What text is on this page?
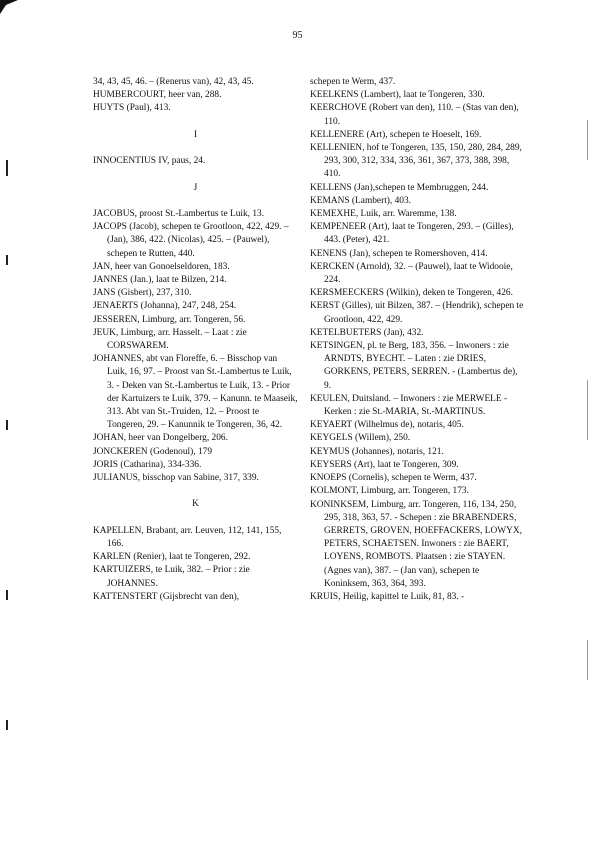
95

34, 43, 45, 46. – (Renerus van), 42, 43, 45.

HUMBERCOURT, heer van, 288.

HUYTS (Paul), 413.

I

INNOCENTIUS IV, paus, 24.

J

JACOBUS, proost St.-Lambertus te Luik, 13.

JACOPS (Jacob), schepen te Grootloon, 422, 429. – (Jan), 386, 422. (Nicolas), 425. – (Pauwel), schepen te Rutten, 440.

JAN, heer van Gonoelseldoren, 183.

JANNES (Jan.), laat te Bilzen, 214.

JANS (Gisbert), 237, 310.

JENAERTS (Johanna), 247, 248, 254.

JESSEREN, Limburg, arr. Tongeren, 56.

JEUK, Limburg, arr. Hasselt. – Laat : zie CORSWAREM.

JOHANNES, abt van Floreffe, 6. – Bisschop van Luik, 16, 97. – Proost van St.-Lambertus te Luik, 3. - Deken van St.-Lambertus te Luik, 13. - Prior der Kartuizers te Luik, 379. – Kanunn. te Maaseik, 313. Abt van St.-Truiden, 12. – Proost te Tongeren, 29. – Kanunnik te Tongeren, 36, 42.

JOHAN, heer van Dongelberg, 206.

JONCKEREN (Godenoul), 179

JORIS (Catharina), 334-336.

JULIANUS, bisschop van Sabine, 317, 339.

K

KAPELLEN, Brabant, arr. Leuven, 112, 141, 155, 166.

KARLEN (Renier), laat te Tongeren, 292.

KARTUIZERS, te Luik, 382. – Prior : zie JOHANNES.

KATTENSTERT (Gijsbrecht van den),

schepen te Werm, 437.

KEELKENS (Lambert), laat te Tongeren, 330.

KEERCHOVE (Robert van den), 110. – (Stas van den), 110.

KELLENERE (Art), schepen te Hoeselt, 169.

KELLENIEN, hof te Tongeren, 135, 150, 280, 284, 289, 293, 300, 312, 334, 336, 361, 367, 373, 388, 398, 410.

KELLENS (Jan),schepen te Membruggen, 244.

KEMANS (Lambert), 403.

KEMEXHE, Luik, arr. Waremme, 138.

KEMPENEER (Art), laat te Tongeren, 293. – (Gilles), 443. (Peter), 421.

KENENS (Jan), schepen te Romershoven, 414.

KERCKEN (Arnold), 32. – (Pauwel), laat te Widooie, 224.

KERSMEECKERS (Wilkin), deken te Tongeren, 426.

KERST (Gilles), uit Bilzen, 387. – (Hendrik), schepen te Grootloon, 422, 429.

KETELBUETERS (Jan), 432.

KETSINGEN, pl. te Berg, 183, 356. – Inwoners : zie ARNDTS, BYECHT. – Laten : zie DRIES, GORKENS, PETERS, SERREN. - (Lambertus de), 9.

KEULEN, Duitsland. – Inwoners : zie MERWELE - Kerken : zie St.-MARIA, St.-MARTINUS.

KEYAERT (Wilhelmus de), notaris, 405.

KEYGELS (Willem), 250.

KEYMUS (Johannes), notaris, 121.

KEYSERS (Art), laat te Tongeren, 309.

KNOEPS (Cornelis), schepen te Werm, 437.

KOLMONT, Limburg, arr. Tongeren, 173.

KONINKSEM, Limburg, arr. Tongeren, 116, 134, 250, 295, 318, 363, 57. - Schepen : zie BRABENDERS, GERRETS, GROVEN, HOEFFACKERS, LOWYX, PETERS, SCHAETSEN. Inwoners : zie BAERT, LOYENS, ROMBOTS. Plaatsen : zie STAYEN. (Agnes van), 387. – (Jan van), schepen te Koninksem, 363, 364, 393.

KRUIS, Heilig, kapittel te Luik, 81, 83. -
